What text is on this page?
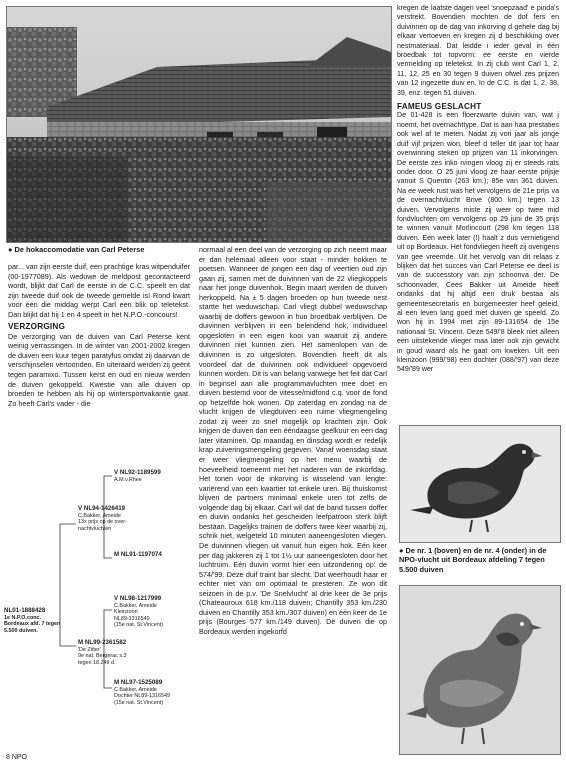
● De hokaccomodatie van Carl Peterse
par... van zijn eerste duif, een prachtige kras witpenduifer (00-1977089). Als weduwe de meldpost gecontacteerd wordt, blijkt dat Carl de eerste in de C.C. speelt en dat zijn tweede duif ook de tweede gemelde is! Rond kwart voor één die middag werpt Carl een blik op teletekst. Dan blijkt dat hij 1 en 4 speelt in het N.P.O.-concours!
VERZORGING
De verzorging van de duiven van Carl Peterse kent weinig verrassingen. In de winter van 2001-2002 kregen de duiven een kuur tegen paratyfus omdat zij daarvan de verschijnselen vertoonden. En uiteraard werden zij geënt tegen paramixo. Tussen kerst en oud en nieuw werden de duiven gekoppeld. Kwestie van alle duiven op broeden te hebben als hij op wintersportvakantie gaat. Zo heeft Carl's vader - die
NL01-1888428
1e N.P.O.conc.
Bordeaux afd. 7 tegen
5.500 duiven.
V NL94-1426419
C.Bakker, Ameide
13x prijs op de over-
nachtvluchten
V NL92-1189599
A.M.v.Rhee
M NL91-1197074
M NL99-2361582
'De Zitter'
9e nat. Bergerac s.3
tegen 18.249 d.
V NL98-1217999
C.Bakker, Ameide
Kleinzoon
NL89-1316549
(15e nat. St.Vincent)
M NL97-1525089
C.Bakker, Ameide
Dochter NL89-1316549
(15e nat. St.Vincent)
normaal al een deel van de verzorging op zich neemt maar er dan helemaal alleen voor staat - minder hokken te poetsen. Wanneer de jongen een dag of veertien oud zijn gaan zij, samen met de duivinnen van de 22 vliegkoppels naar het jonge duivenhok. Begin maart werden de duiven herkoppeld. Na ± 5 dagen broeden op hun tweede nest startte het weduwschap. Carl vliegt dubbel weduwschap waarbij de doffers gewoon in hun broedbak verblijven. De duivinnen verblijven in een belendend hok, individueel opgesloten in een eigen kooi van waaruit zij andere duivinnen niet kunnen zien. Het samenlopen van de duivinnen is zo uitgesloten. Bovendien heeft dit als voordeel dat de duivinnen ook individueel opgevoerd kunnen worden. Dit is van belang vanwege het feit dat Carl in beginsel aan alle programmavluchten mee doet en duiven bestemd voor de vitesse/midfond c.q. voor de fond op hetzelfde hok wonen. Op zaterdag en zondag na de vlucht krijgen de vliegduiven een ruime vliegmengeling zodat zij weer zo snel mogelijk op krachten zijn. Ook krijgen de duiven dan een ééndaagse geelkuur en een dag later vitaminen. Op maandag en dinsdag wordt er redelijk krap zuiveringsmengeling gegeven. Vanaf woensdag staat er weer vliegmengeling op het menu waarbij de hoeveelheid toeneemt met het naderen van de inkorfdag. Het tonen voor de inkorving is wisselend van lengte: variërend van een kwartier tot enkele uren. Bij thuiskomst blijven de partners minimaal enkele uren tot zelfs de volgende dag bij elkaar. Carl wil dat de band tussen doffer en duivin ondanks het gescheiden leefpatroon sterk blijft bestaan. Dagelijks trainen de doffers twee keer waarbij zij, schrik niet, welgeteld 10 minuten aaneengesloten vliegen. De duivinnen vliegen uit vanuit hun eigen hok. Eén keer per dag jakkeren zij 1 tot 1½ uur aaneengesloten door het luchtruim. Eén duivin vormt hier een uitzondering op: de 574/'99. Deze duif traint bar slecht. Dat weerhoudt haar er echter niet van om optimaal te presteren. Ze won dit seizoen in de p.v. 'De Snelvlucht' al drie keer de 3e prijs (Chateauroux 618 km./118 duiven; Chantilly 353 km./230 duiven en Chantilly 353 km./307 duiven) en één keer de 1e prijs (Bourges 577 km./149 duiven). De duiven die op Bordeaux werden ingekorfd
kregen de laatste dagen veel 'snoepzaad' e pinda's verstrekt. Bovendien mochten de dof fers en duivinnen op de dag van inkorving d gehele dag bij elkaar vertoeven en kregen zij d beschikking over nestmateriaal. Dat leidde i ieder geval in één broedbak tot topvorm: ee eerste en vierde vermelding op teletekst. In zij club wint Carl 1, 2, 11, 12, 25 en 30 tegen 9 duiven ofwel zes prijzen van 12 ingezette duiv en. In de C.C. is dat 1, 2, 38, 39, enz. tegen 51 duiven.
FAMEUS GESLACHT
De 01-428 is een floerzwarte duivin van, wat j noemt, het overnachttype. Dat is aan haa prestaties ook wel af te meten. Nadat zij vori jaar als jonge duif vijf prijzen won, bleef d teller dit jaar tot haar overwinning steken op prijzen van 11 inkorvingen. De eerste zes inko rvingen vloog zij er steeds rats onder door. O 25 juni vloog ze haar eerste prijsje vanuit S Quentin (263 km.); 85e van 361 duiven. Na ee week rust was het vervolgens de 21e prijs va de overnachtvlucht Brive (800 km.) tegen 13 duiven. Vervolgens miste zij weer op twee mid fondvluchten om vervolgens op 29 juni de 35 prijs te winnen vanuit Morlincourt (298 km tegen 118 duiven. Een week later (!) haalt z dus vernietigend uit op Bordeaux. Het fondvliegen heeft zij overigens van gee vreemde. Uit het vervolg van dit relaas z blijken dat het succes van Carl Peterse ee deel is van de successtory van zijn schoonva der. De schoonvader, Cees Bakker uit Ameide heeft ondanks dat hij altijd een druk bestaa als gemeentesecretaris en burgemeester heef geleid, al een leven lang goed met duiven ge speeld. Zo won hij in 1994 met zijn 89-131654 de 15e nationaal St. Vincent. Deze 549/'8 bleek niet alleen een uitstekende vlieger maa later ook zijn gewicht in goud waard als he gaat om kweken. Uit een kleinzoon (999/'98) een dochter (088/'97) van deze 549/'89 wer
● De nr. 1 (boven) en de nr. 4 (onder) in de NPO-vlucht uit Bordeaux afdeling 7 tegen 5.500 duiven
8 NPO
